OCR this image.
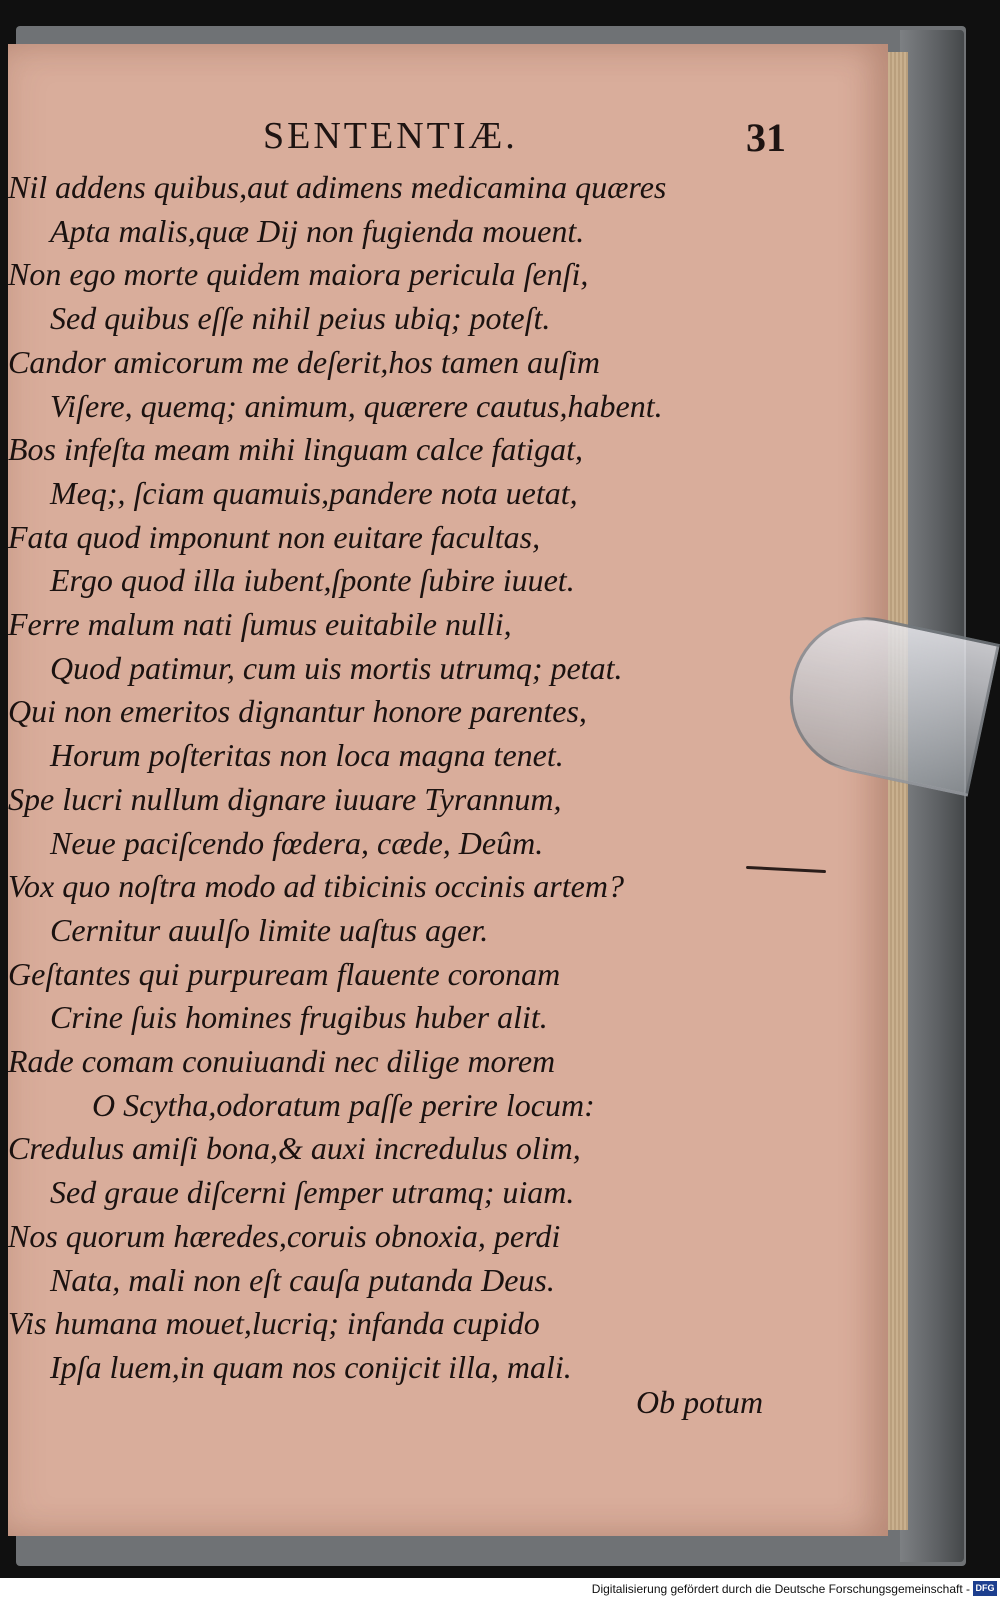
SENTENTIÆ.	31
Nil addens quibus,aut adimens medicamina quæres
Apta malis,quæ Dij non fugienda mouent.
Non ego morte quidem maiora pericula ſenſi,
Sed quibus eſſe nihil peius ubiq; poteſt.
Candor amicorum me deſerit,hos tamen auſim
Viſere, quemq; animum, quærere cautus,habent.
Bos infeſta meam mihi linguam calce fatigat,
Meq;, ſciam quamuis,pandere nota uetat,
Fata quod imponunt non euitare facultas,
Ergo quod illa iubent,ſponte ſubire iuuet.
Ferre malum nati ſumus euitabile nulli,
Quod patimur, cum uis mortis utrumq; petat.
Qui non emeritos dignantur honore parentes,
Horum poſteritas non loca magna tenet.
Spe lucri nullum dignare iuuare Tyrannum,
Neue paciſcendo fœdera, cæde, Deûm.
Vox quo noſtra modo ad tibicinis occinis artem?
Cernitur auulſo limite uaſtus ager.
Geſtantes qui purpuream flauente coronam
Crine ſuis homines frugibus huber alit.
Rade comam conuiuandi nec dilige morem
O Scytha,odoratum paſſe perire locum:
Credulus amiſi bona,& auxi incredulus olim,
Sed graue diſcerni ſemper utramq; uiam.
Nos quorum hæredes,coruis obnoxia, perdi
Nata, mali non eſt cauſa putanda Deus.
Vis humana mouet,lucriq; infanda cupido
Ipſa luem,in quam nos conijcit illa, mali.
Ob potum
Digitalisierung gefördert durch die Deutsche Forschungsgemeinschaft - DFG
